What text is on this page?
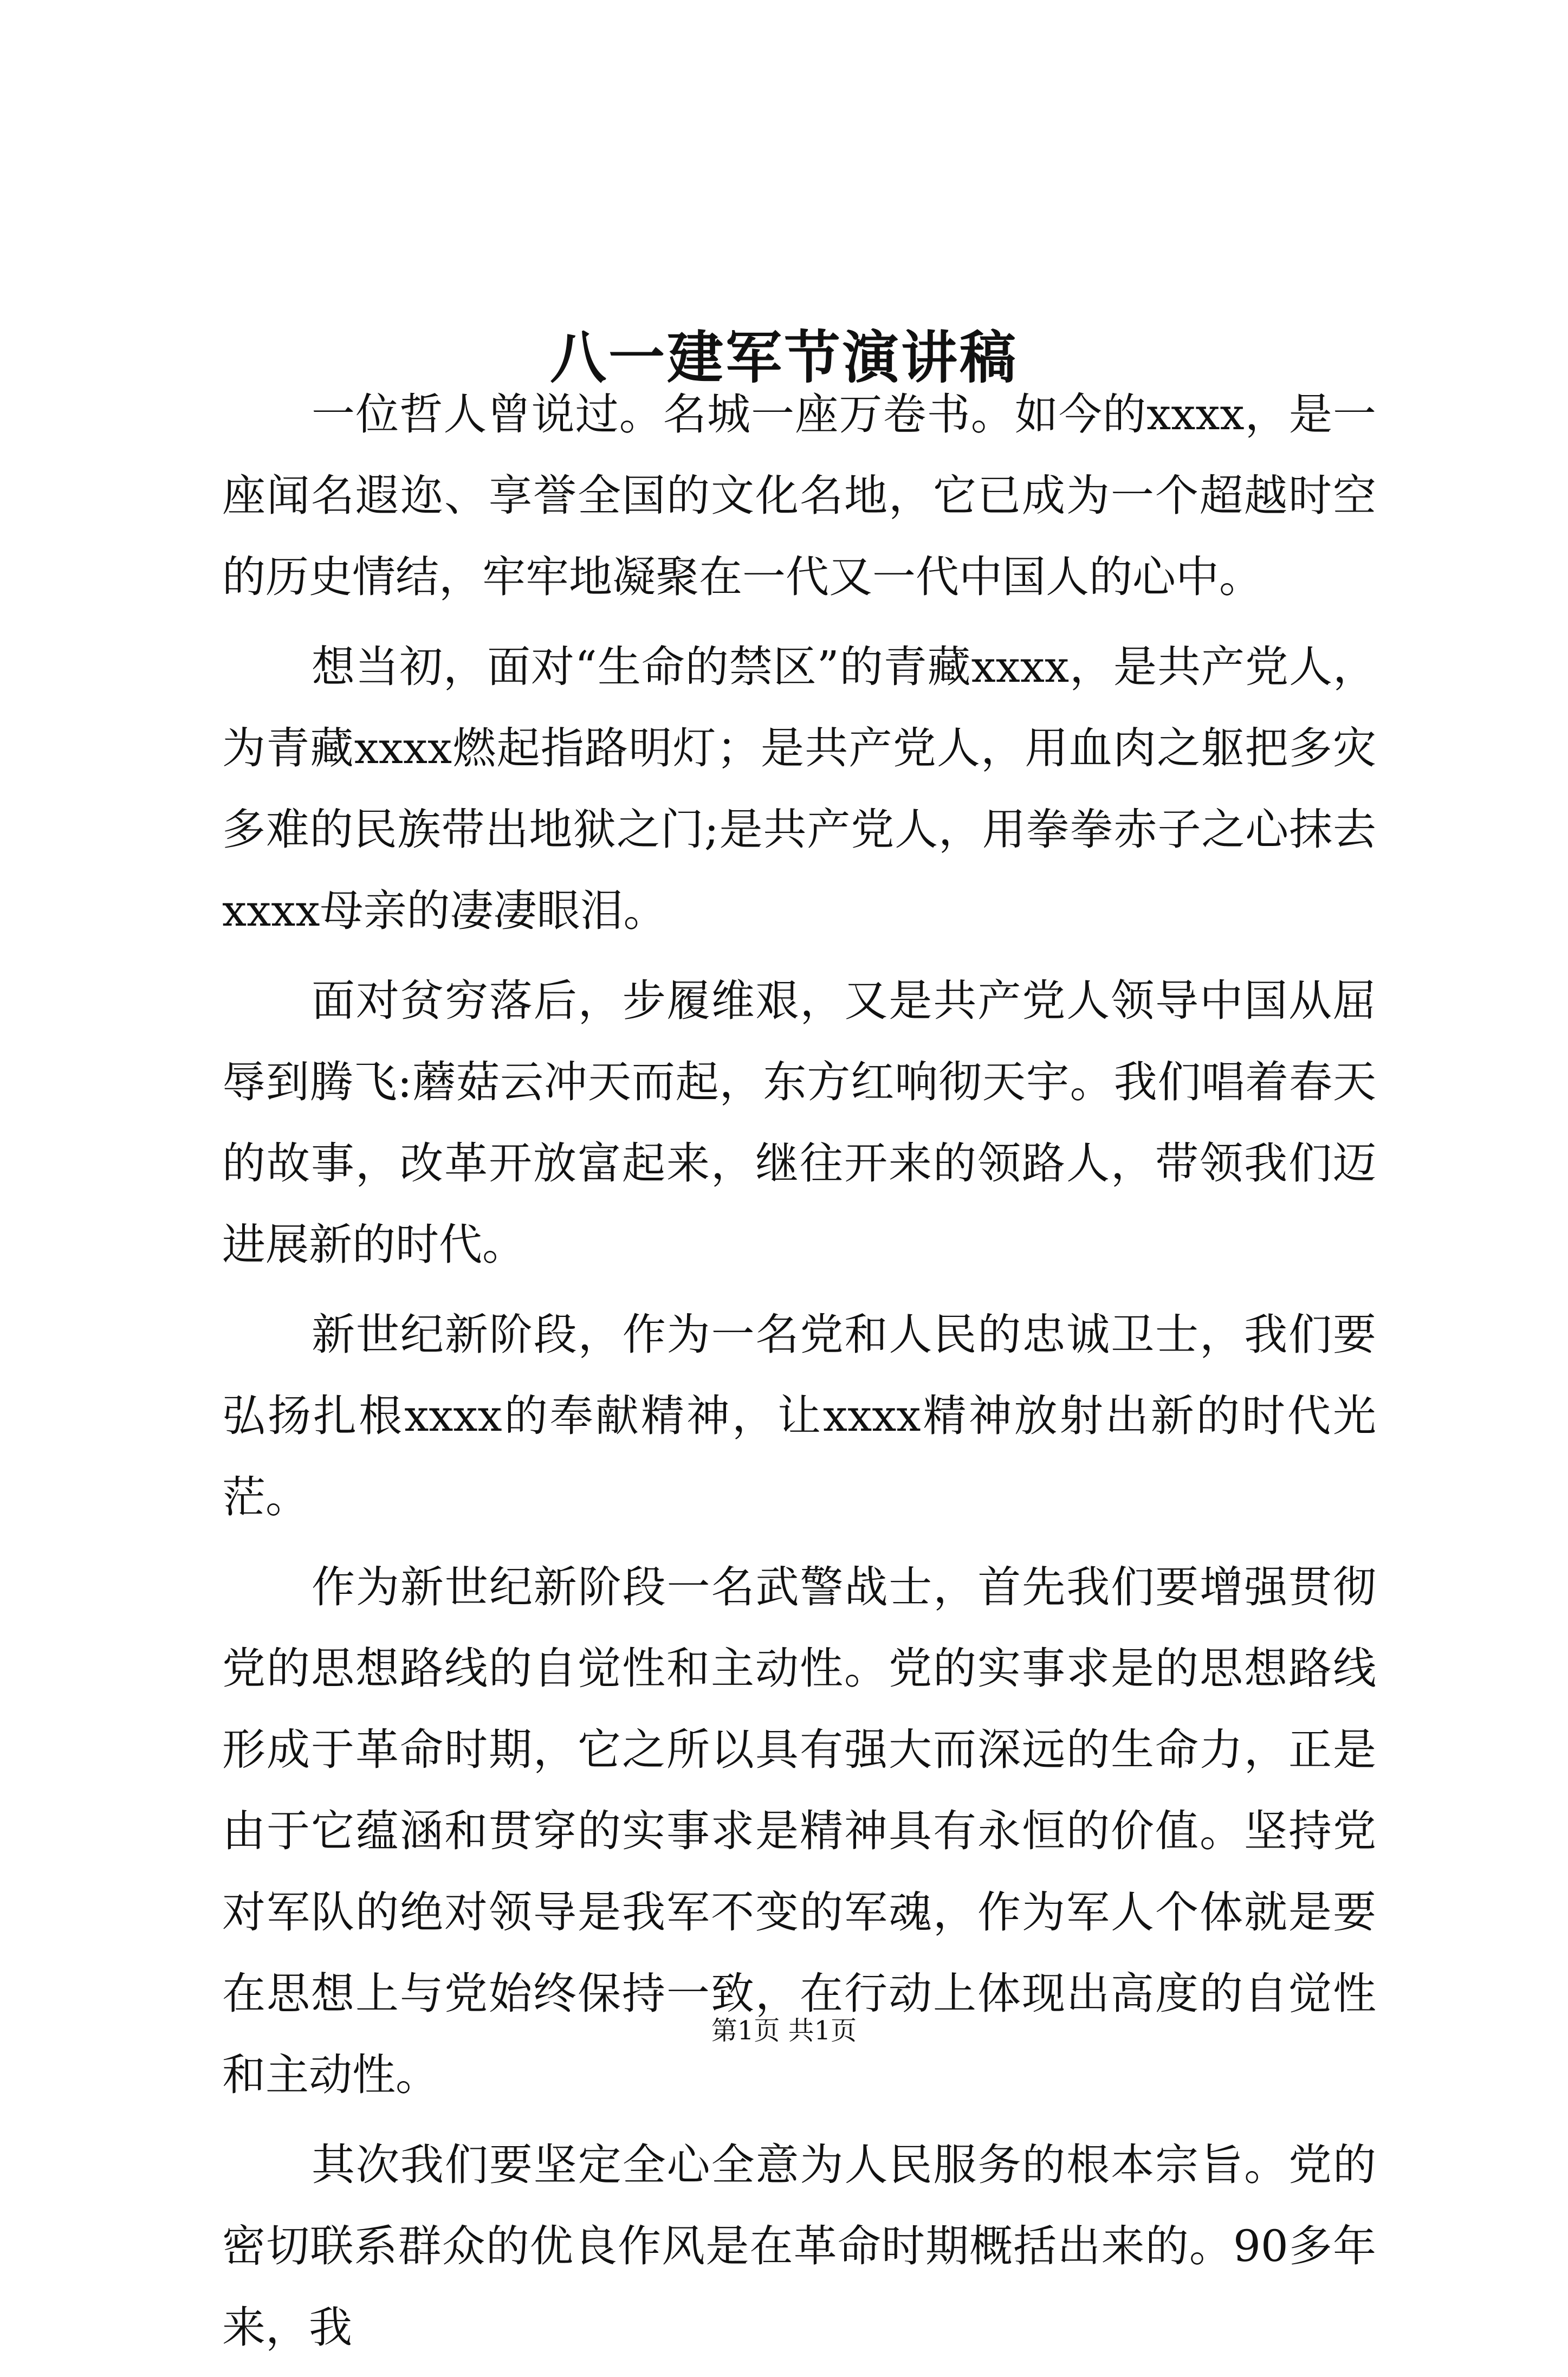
八一建军节演讲稿

一位哲人曾说过。名城一座万卷书。如今的xxxx，是一座闻名遐迩、享誉全国的文化名地，它已成为一个超越时空的历史情结，牢牢地凝聚在一代又一代中国人的心中。

想当初，面对“生命的禁区”的青藏xxxx，是共产党人，为青藏xxxx燃起指路明灯；是共产党人，用血肉之躯把多灾多难的民族带出地狱之门;是共产党人，用拳拳赤子之心抹去xxxx母亲的凄凄眼泪。

面对贫穷落后，步履维艰，又是共产党人领导中国从屈辱到腾飞:蘑菇云冲天而起，东方红响彻天宇。我们唱着春天的故事，改革开放富起来，继往开来的领路人，带领我们迈进展新的时代。

新世纪新阶段，作为一名党和人民的忠诚卫士，我们要弘扬扎根xxxx的奉献精神，让xxxx精神放射出新的时代光茫。

作为新世纪新阶段一名武警战士，首先我们要增强贯彻党的思想路线的自觉性和主动性。党的实事求是的思想路线形成于革命时期，它之所以具有强大而深远的生命力，正是由于它蕴涵和贯穿的实事求是精神具有永恒的价值。坚持党对军队的绝对领导是我军不变的军魂，作为军人个体就是要在思想上与党始终保持一致，在行动上体现出高度的自觉性和主动性。

其次我们要坚定全心全意为人民服务的根本宗旨。党的密切联系群众的优良作风是在革命时期概括出来的。90多年来，我

第1页 共1页
